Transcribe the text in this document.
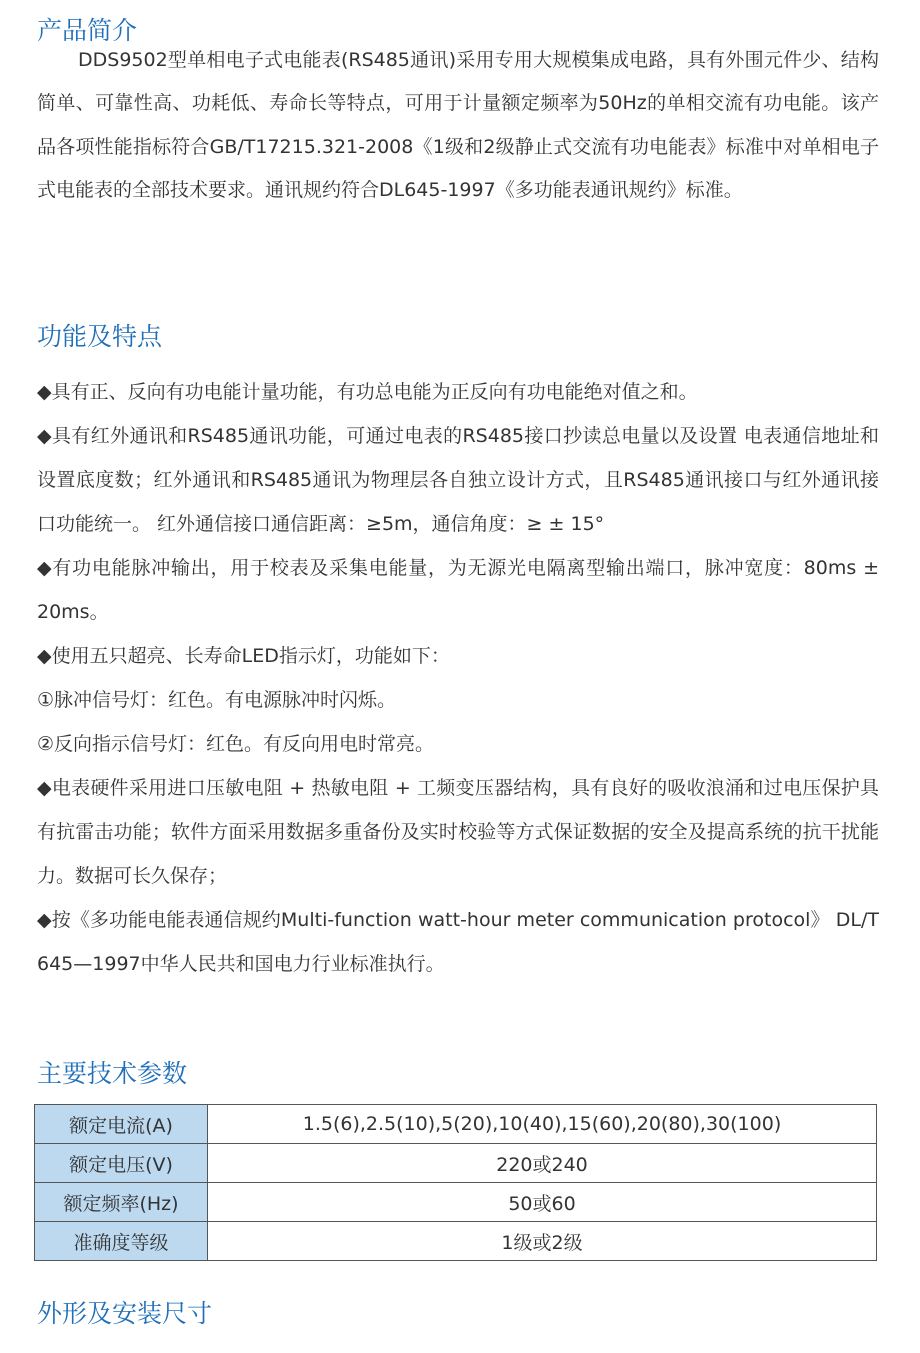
产品简介

DDS9502型单相电子式电能表(RS485通讯)采用专用大规模集成电路，具有外围元件少、结构简单、可靠性高、功耗低、寿命长等特点，可用于计量额定频率为50Hz的单相交流有功电能。该产品各项性能指标符合GB/T17215.321-2008《1级和2级静止式交流有功电能表》标准中对单相电子式电能表的全部技术要求。通讯规约符合DL645-1997《多功能表通讯规约》标准。

功能及特点
◆具有正、反向有功电能计量功能，有功总电能为正反向有功电能绝对值之和。
◆具有红外通讯和RS485通讯功能，可通过电表的RS485接口抄读总电量以及设置 电表通信地址和设置底度数；红外通讯和RS485通讯为物理层各自独立设计方式，且RS485通讯接口与红外通讯接口功能统一。 红外通信接口通信距离：≥5m，通信角度：≥ ± 15°
◆有功电能脉冲输出，用于校表及采集电能量，为无源光电隔离型输出端口，脉冲宽度：80ms ± 20ms。
◆使用五只超亮、长寿命LED指示灯，功能如下：
①脉冲信号灯：红色。有电源脉冲时闪烁。
②反向指示信号灯：红色。有反向用电时常亮。
◆电表硬件采用进口压敏电阻 + 热敏电阻 + 工频变压器结构，具有良好的吸收浪涌和过电压保护具有抗雷击功能；软件方面采用数据多重备份及实时校验等方式保证数据的安全及提高系统的抗干扰能力。数据可长久保存；
◆按《多功能电能表通信规约Multi-function watt-hour meter communication protocol》 DL/T 645—1997中华人民共和国电力行业标准执行。
主要技术参数
额定电流(A)	1.5(6),2.5(10),5(20),10(40),15(60),20(80),30(100)
额定电压(V)	220或240
额定频率(Hz)	50或60
准确度等级	1级或2级
外形及安装尺寸
